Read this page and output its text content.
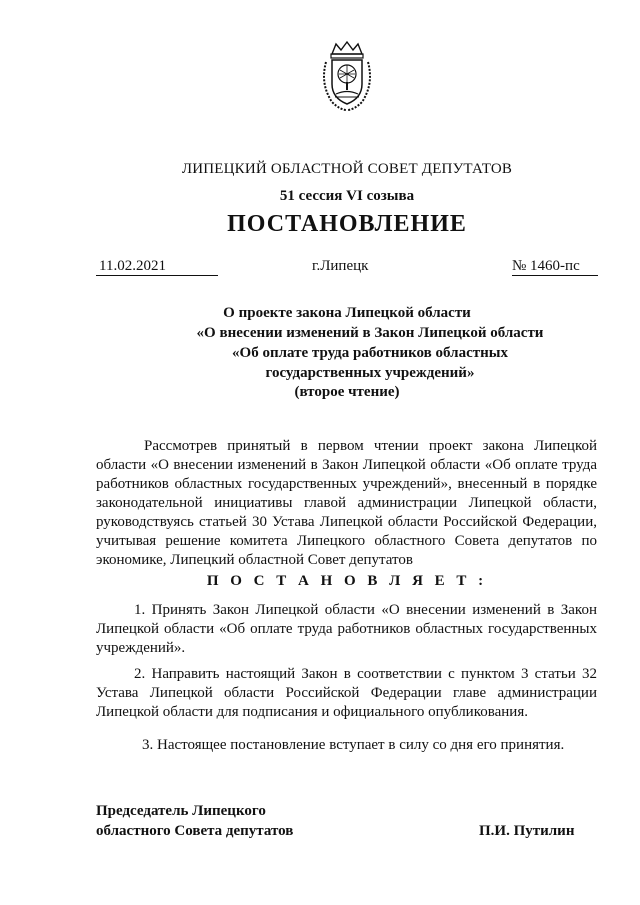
ЛИПЕЦКИЙ ОБЛАСТНОЙ СОВЕТ ДЕПУТАТОВ
51 сессия VI созыва
ПОСТАНОВЛЕНИЕ
11.02.2021	г.Липецк	№ 1460-пс
О проекте закона Липецкой области
«О внесении изменений в Закон Липецкой области
«Об оплате труда работников областных
государственных учреждений»
(второе чтение)
Рассмотрев принятый в первом чтении проект закона Липецкой области «О внесении изменений в Закон Липецкой области «Об оплате труда работников областных государственных учреждений», внесенный в порядке законодательной инициативы главой администрации Липецкой области, руководствуясь статьей 30 Устава Липецкой области Российской Федерации, учитывая решение комитета Липецкого областного Совета депутатов по экономике, Липецкий областной Совет депутатов
П О С Т А Н О В Л Я Е Т :
1. Принять Закон Липецкой области «О внесении изменений в Закон Липецкой области «Об оплате труда работников областных государственных учреждений».
2. Направить настоящий Закон в соответствии с пунктом 3 статьи 32 Устава Липецкой области Российской Федерации главе администрации Липецкой области для подписания и официального опубликования.
3. Настоящее постановление вступает в силу со дня его принятия.
Председатель Липецкого
областного Совета депутатов	П.И. Путилин
